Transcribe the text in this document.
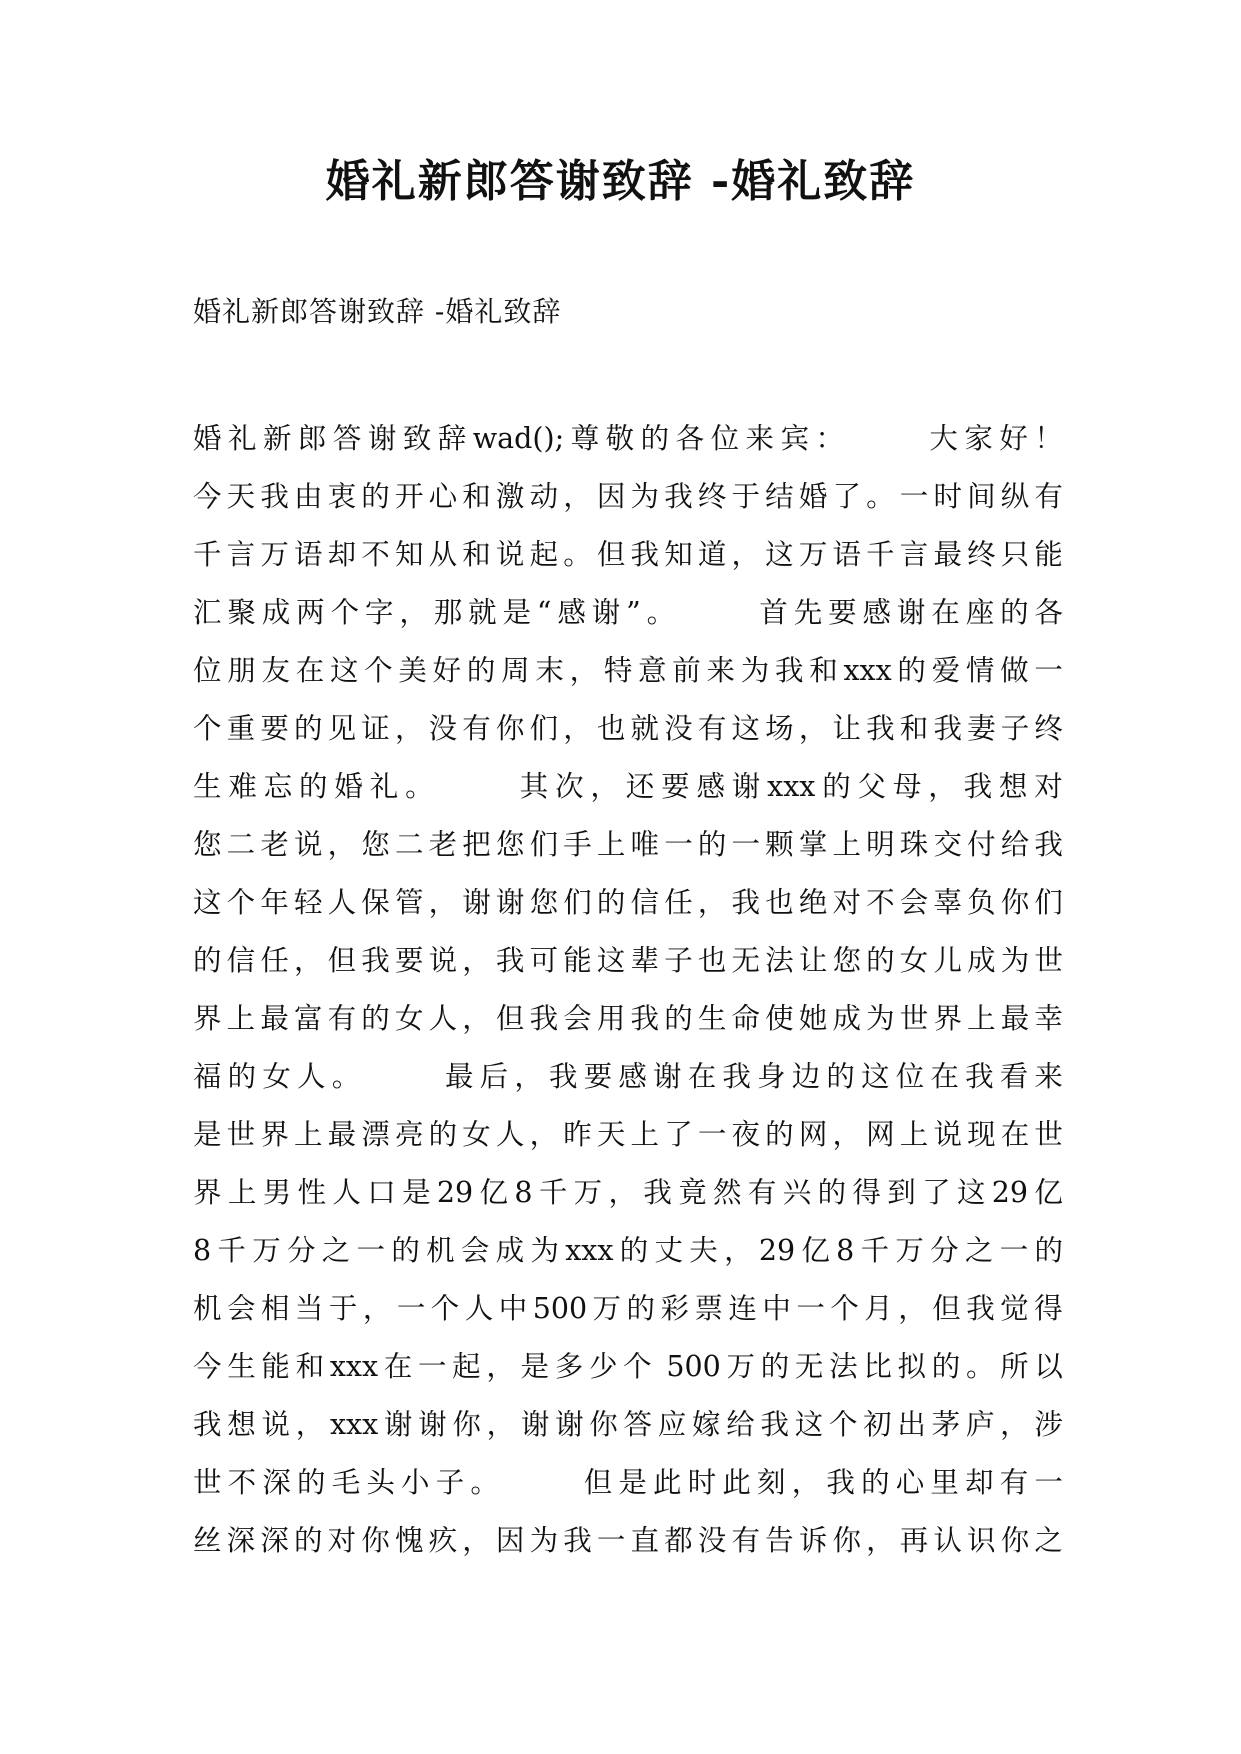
婚礼新郎答谢致辞 -婚礼致辞

婚礼新郎答谢致辞 -婚礼致辞

婚 礼 新 郎 答 谢 致 辞 wad(); 尊 敬 的 各 位 来 宾 ：
	大 家 好 ！
今 天 我 由 衷 的 开 心 和 激 动 ， 因 为 我 终 于 结 婚 了 。 一 时 间 纵 有
千 言 万 语 却 不 知 从 和 说 起 。 但 我 知 道 ， 这 万 语 千 言 最 终 只 能
汇 聚 成 两 个 字 ， 那 就 是 “ 感 谢 ” 。
	首 先 要 感 谢 在 座 的 各
位 朋 友 在 这 个 美 好 的 周 末 ， 特 意 前 来 为 我 和 xxx 的 爱 情 做 一
个 重 要 的 见 证 ， 没 有 你 们 ， 也 就 没 有 这 场 ， 让 我 和 我 妻 子 终
生 难 忘 的 婚 礼 。
	其 次 ， 还 要 感 谢 xxx 的 父 母 ， 我 想 对
您 二 老 说 ， 您 二 老 把 您 们 手 上 唯 一 的 一 颗 掌 上 明 珠 交 付 给 我
这 个 年 轻 人 保 管 ， 谢 谢 您 们 的 信 任 ， 我 也 绝 对 不 会 辜 负 你 们
的 信 任 ， 但 我 要 说 ， 我 可 能 这 辈 子 也 无 法 让 您 的 女 儿 成 为 世
界 上 最 富 有 的 女 人 ， 但 我 会 用 我 的 生 命 使 她 成 为 世 界 上 最 幸
福 的 女 人 。
	最 后 ， 我 要 感 谢 在 我 身 边 的 这 位 在 我 看 来
是 世 界 上 最 漂 亮 的 女 人 ， 昨 天 上 了 一 夜 的 网 ， 网 上 说 现 在 世
界 上 男 性 人 口 是 29 亿 8 千 万 ， 我 竟 然 有 兴 的 得 到 了 这 29 亿
8 千 万 分 之 一 的 机 会 成 为 xxx 的 丈 夫 ， 29 亿 8 千 万 分 之 一 的
机 会 相 当 于 ， 一 个 人 中 500 万 的 彩 票 连 中 一 个 月 ， 但 我 觉 得
今 生 能 和 xxx 在 一 起 ， 是 多 少 个 500 万 的 无 法 比 拟 的 。 所 以
我 想 说 ， xxx 谢 谢 你 ， 谢 谢 你 答 应 嫁 给 我 这 个 初 出 茅 庐 ， 涉
世 不 深 的 毛 头 小 子 。
	但 是 此 时 此 刻 ， 我 的 心 里 却 有 一
丝 深 深 的 对 你 愧 疚 ， 因 为 我 一 直 都 没 有 告 诉 你 ， 再 认 识 你 之
